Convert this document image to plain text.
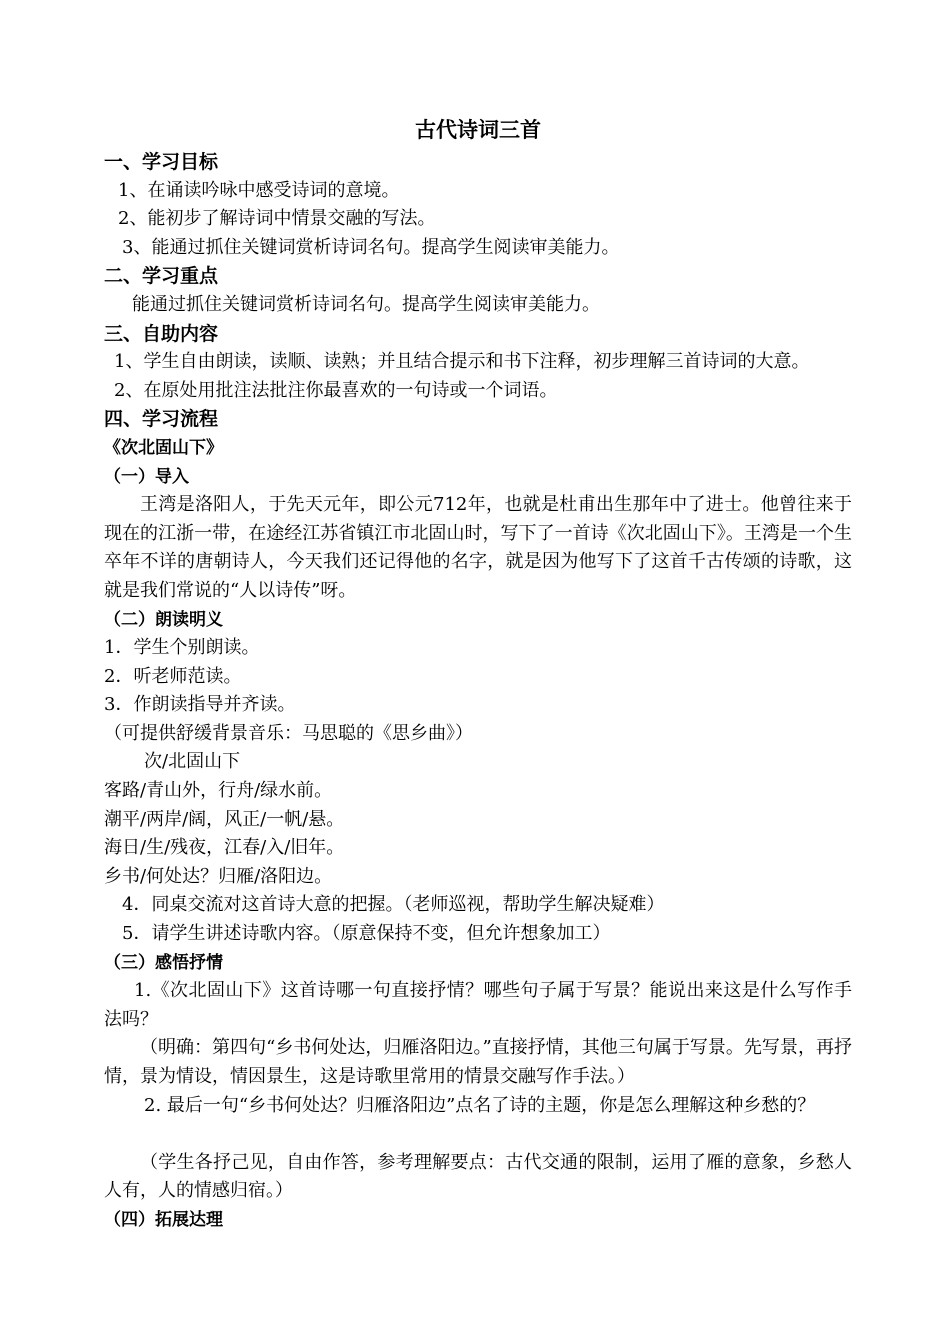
古代诗词三首
一、学习目标
1、在诵读吟咏中感受诗词的意境。
2、能初步了解诗词中情景交融的写法。
3、能通过抓住关键词赏析诗词名句。提高学生阅读审美能力。
二、学习重点
能通过抓住关键词赏析诗词名句。提高学生阅读审美能力。
三、自助内容
1、学生自由朗读，读顺、读熟；并且结合提示和书下注释，初步理解三首诗词的大意。
2、在原处用批注法批注你最喜欢的一句诗或一个词语。
四、学习流程
《次北固山下》
（一）导入
王湾是洛阳人，于先天元年，即公元712年，也就是杜甫出生那年中了进士。他曾往来于现在的江浙一带，在途经江苏省镇江市北固山时，写下了一首诗《次北固山下》。王湾是一个生卒年不详的唐朝诗人，今天我们还记得他的名字，就是因为他写下了这首千古传颂的诗歌，这就是我们常说的“人以诗传”呀。
（二）朗读明义
1．学生个别朗读。
2．听老师范读。
3．作朗读指导并齐读。
（可提供舒缓背景音乐：马思聪的《思乡曲》）
次/北固山下
客路/青山外，行舟/绿水前。
潮平/两岸/阔，风正/一帆/悬。
海日/生/残夜，江春/入/旧年。
乡书/何处达？归雁/洛阳边。
4．同桌交流对这首诗大意的把握。（老师巡视，帮助学生解决疑难）
5．请学生讲述诗歌内容。（原意保持不变，但允许想象加工）
（三）感悟抒情
1.《次北固山下》这首诗哪一句直接抒情？哪些句子属于写景？能说出来这是什么写作手法吗？
（明确：第四句“乡书何处达，归雁洛阳边。”直接抒情，其他三句属于写景。先写景，再抒情，景为情设，情因景生，这是诗歌里常用的情景交融写作手法。）
2. 最后一句“乡书何处达？归雁洛阳边”点名了诗的主题，你是怎么理解这种乡愁的？
（学生各抒己见，自由作答，参考理解要点：古代交通的限制，运用了雁的意象，乡愁人人有，人的情感归宿。）
（四）拓展达理
